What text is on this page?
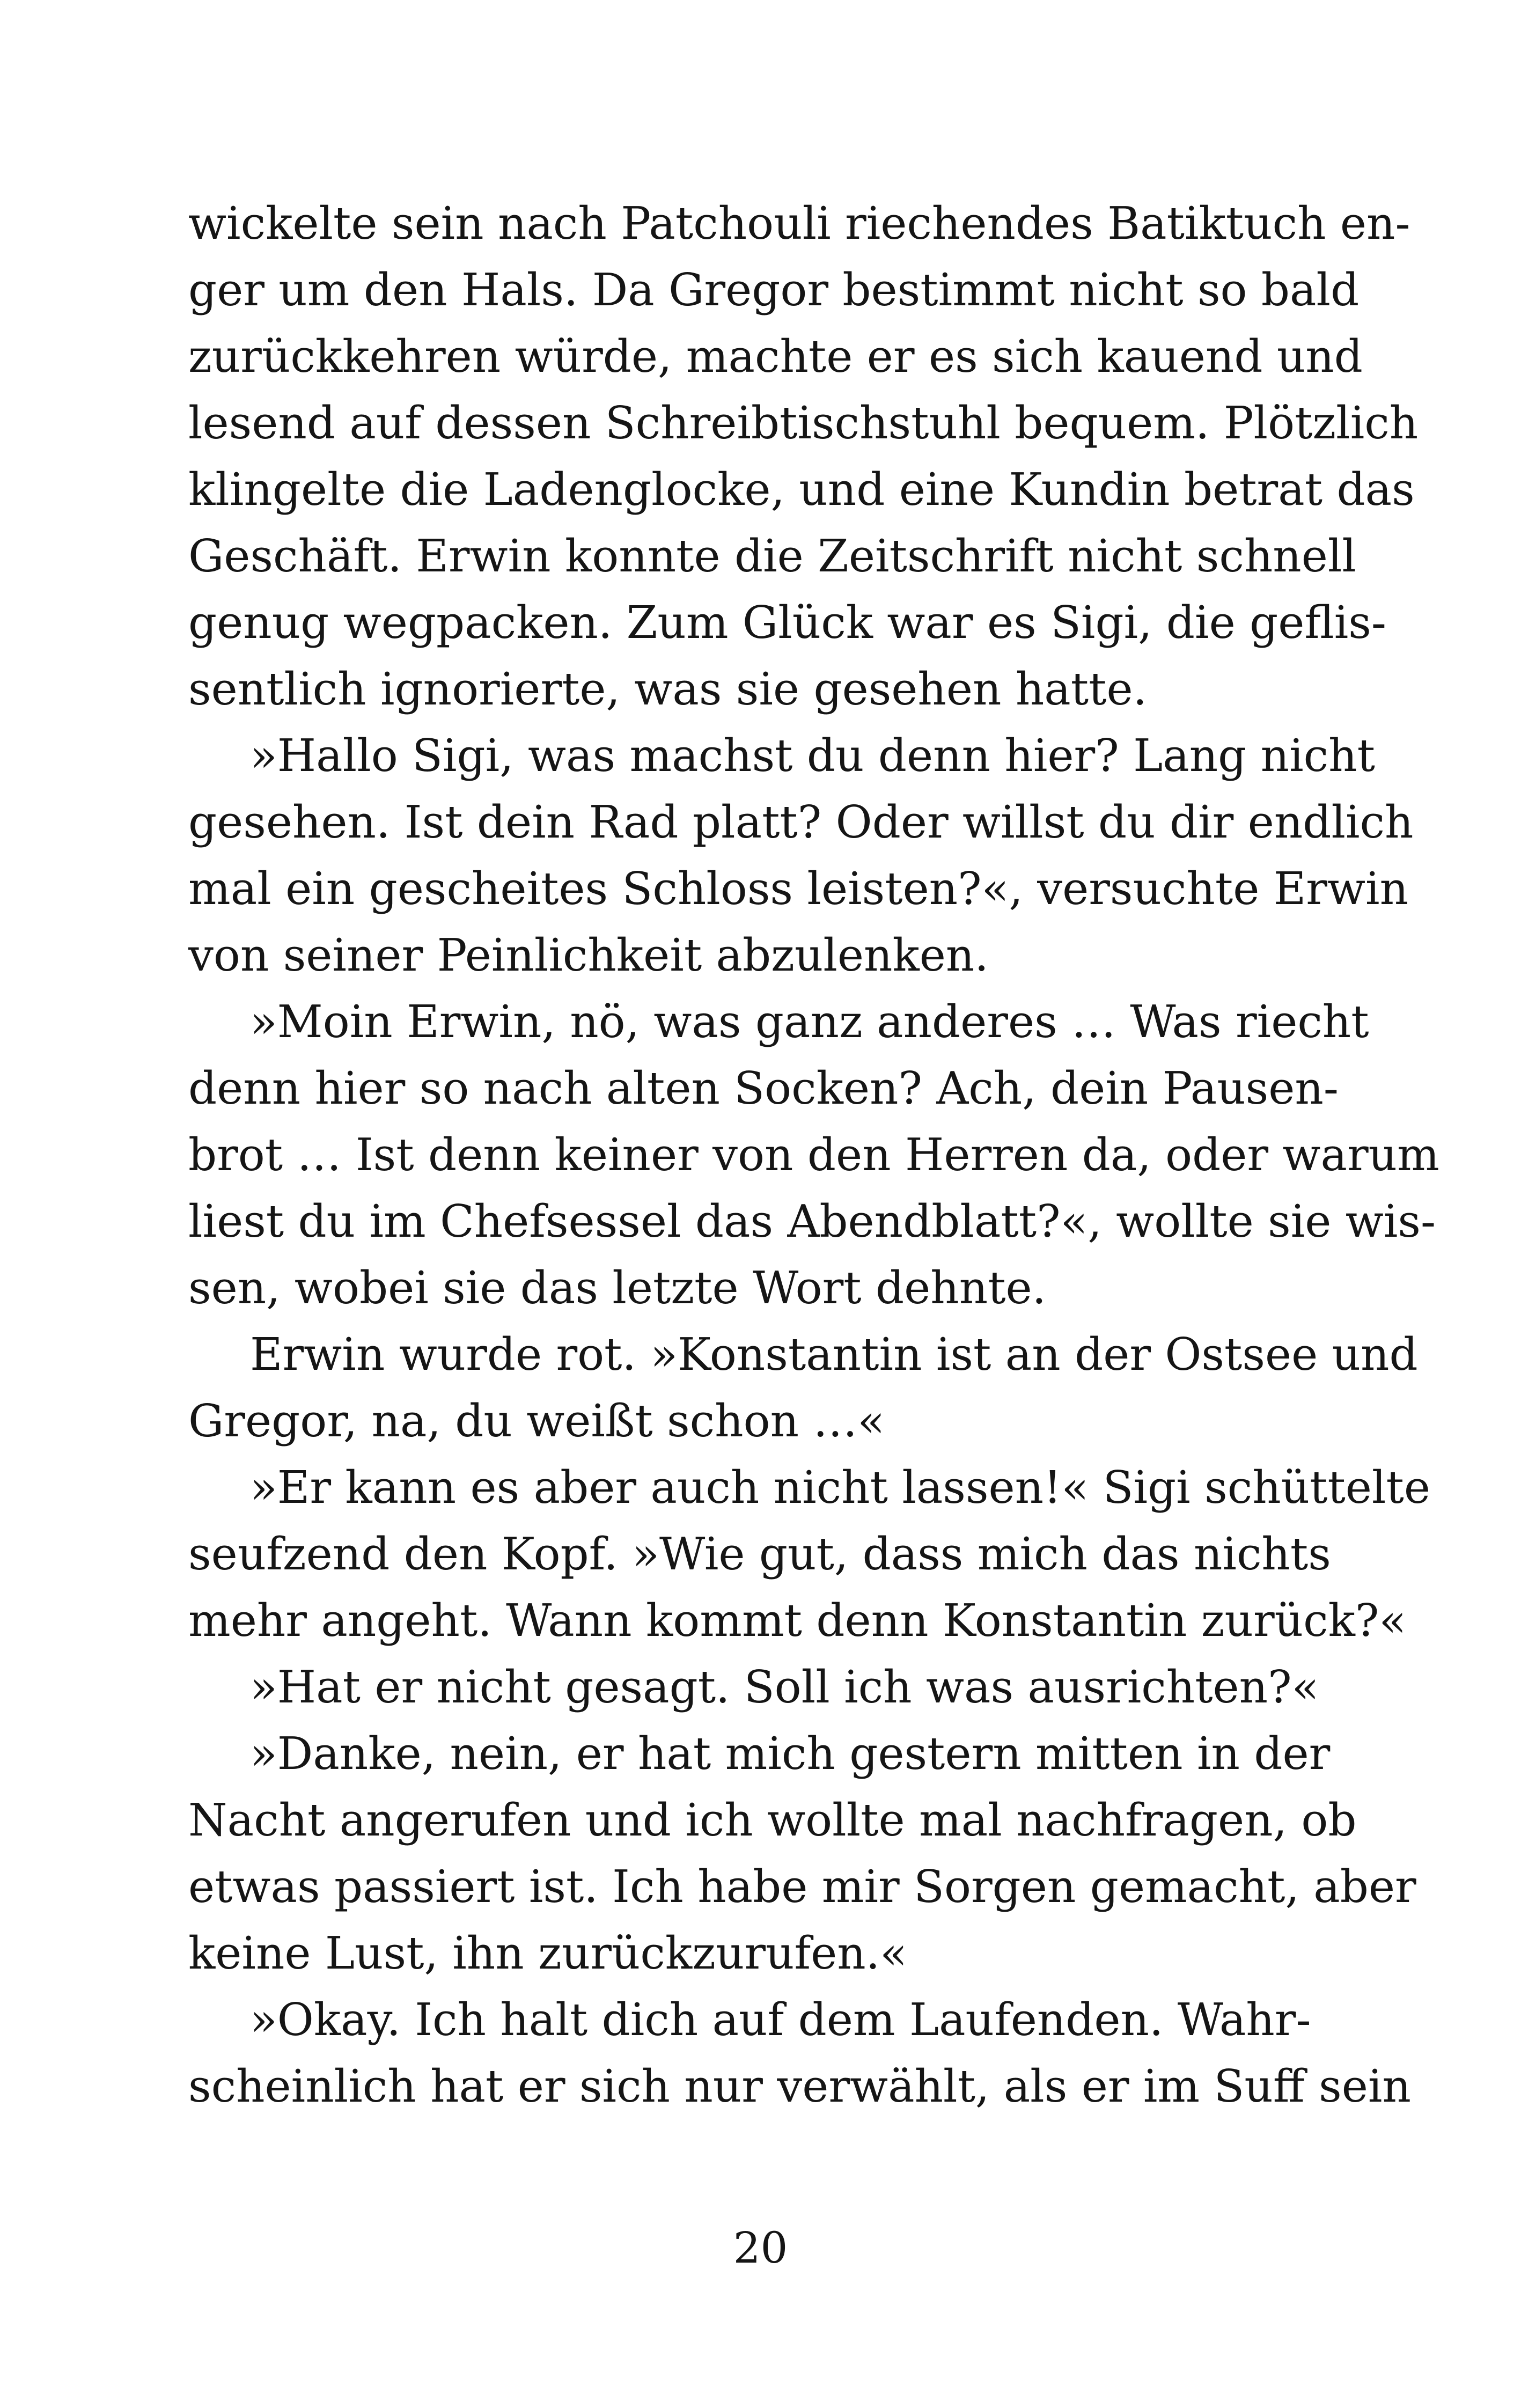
wickelte sein nach Patchouli riechendes Batiktuch en-
ger um den Hals. Da Gregor bestimmt nicht so bald
zurückkehren würde, machte er es sich kauend und
lesend auf dessen Schreibtischstuhl bequem. Plötzlich
klingelte die Ladenglocke, und eine Kundin betrat das
Geschäft. Erwin konnte die Zeitschrift nicht schnell
genug wegpacken. Zum Glück war es Sigi, die geflis-
sentlich ignorierte, was sie gesehen hatte.
»Hallo Sigi, was machst du denn hier? Lang nicht
gesehen. Ist dein Rad platt? Oder willst du dir endlich
mal ein gescheites Schloss leisten?«, versuchte Erwin
von seiner Peinlichkeit abzulenken.
»Moin Erwin, nö, was ganz anderes … Was riecht
denn hier so nach alten Socken? Ach, dein Pausen-
brot … Ist denn keiner von den Herren da, oder warum
liest du im Chefsessel das Abendblatt?«, wollte sie wis-
sen, wobei sie das letzte Wort dehnte.
Erwin wurde rot. »Konstantin ist an der Ostsee und
Gregor, na, du weißt schon …«
»Er kann es aber auch nicht lassen!« Sigi schüttelte
seufzend den Kopf. »Wie gut, dass mich das nichts
mehr angeht. Wann kommt denn Konstantin zurück?«
»Hat er nicht gesagt. Soll ich was ausrichten?«
»Danke, nein, er hat mich gestern mitten in der
Nacht angerufen und ich wollte mal nachfragen, ob
etwas passiert ist. Ich habe mir Sorgen gemacht, aber
keine Lust, ihn zurückzurufen.«
»Okay. Ich halt dich auf dem Laufenden. Wahr-
scheinlich hat er sich nur verwählt, als er im Suff sein
20
